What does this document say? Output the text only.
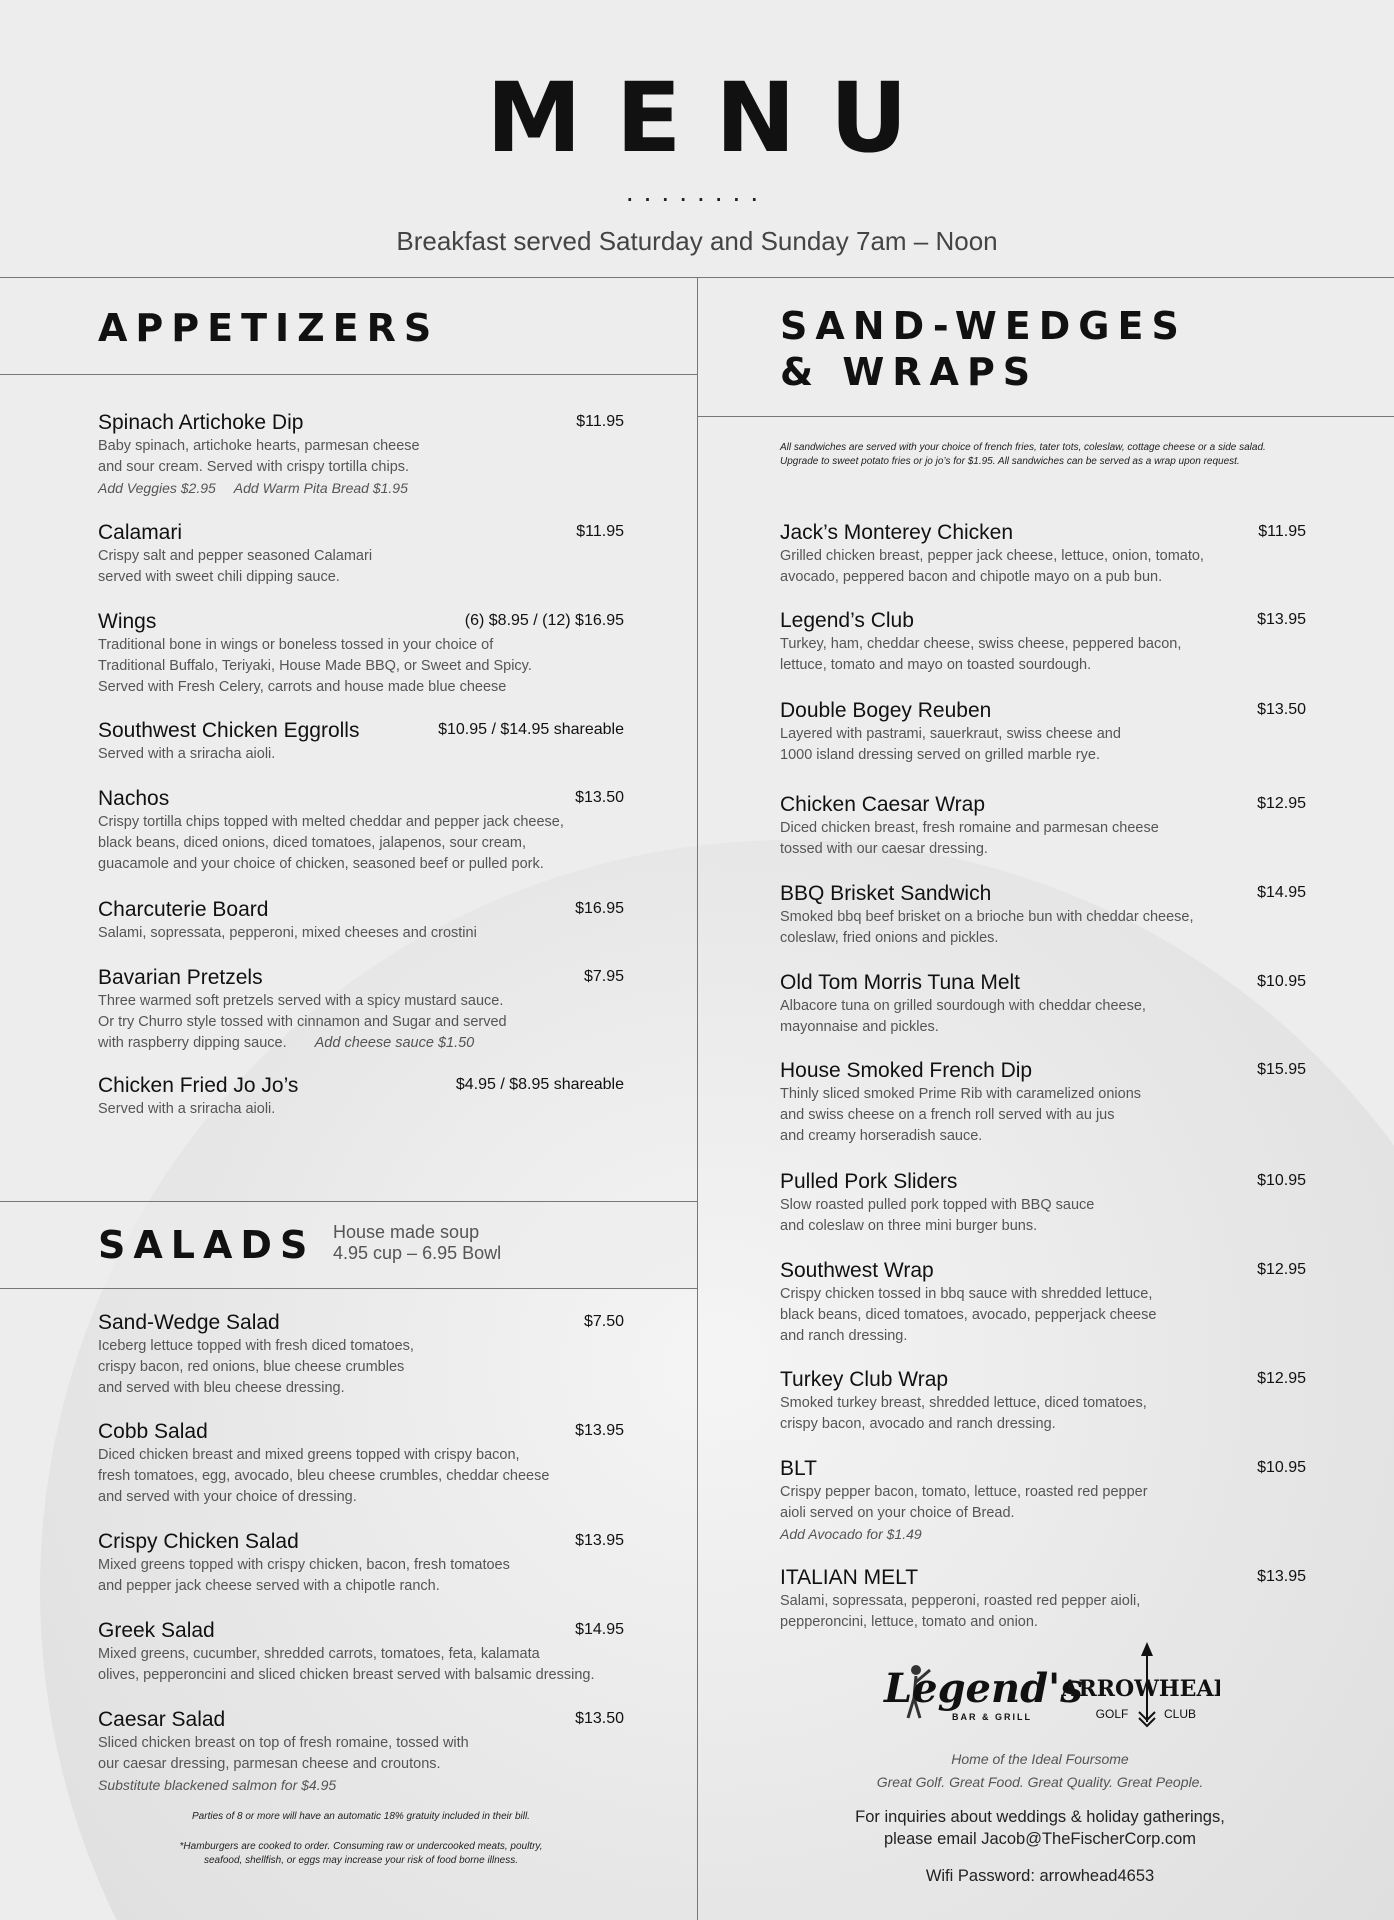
MENU
........
Breakfast served Saturday and Sunday 7am – Noon
APPETIZERS	SAND-WEDGES
& WRAPS
SALADS House made soup
4.95 cup – 6.95 Bowl
All sandwiches are served with your choice of french fries, tater tots, coleslaw, cottage cheese or a side salad.
Upgrade to sweet potato fries or jo jo’s for $1.95. All sandwiches can be served as a wrap upon request.
Spinach Artichoke Dip	$11.95
Baby spinach, artichoke hearts, parmesan cheese
and sour cream. Served with crispy tortilla chips.
Add Veggies $2.95 Add Warm Pita Bread $1.95
Calamari	$11.95
Crispy salt and pepper seasoned Calamari
served with sweet chili dipping sauce.
Wings	(6) $8.95 / (12) $16.95
Traditional bone in wings or boneless tossed in your choice of
Traditional Buffalo, Teriyaki, House Made BBQ, or Sweet and Spicy.
Served with Fresh Celery, carrots and house made blue cheese
Southwest Chicken Eggrolls	$10.95 / $14.95 shareable
Served with a sriracha aioli.
Nachos	$13.50
Crispy tortilla chips topped with melted cheddar and pepper jack cheese,
black beans, diced onions, diced tomatoes, jalapenos, sour cream,
guacamole and your choice of chicken, seasoned beef or pulled pork.
Charcuterie Board	$16.95
Salami, sopressata, pepperoni, mixed cheeses and crostini
Bavarian Pretzels	$7.95
Three warmed soft pretzels served with a spicy mustard sauce.
Or try Churro style tossed with cinnamon and Sugar and served
with raspberry dipping sauce. Add cheese sauce $1.50
Chicken Fried Jo Jo’s	$4.95 / $8.95 shareable
Served with a sriracha aioli.
Sand-Wedge Salad	$7.50
Iceberg lettuce topped with fresh diced tomatoes,
crispy bacon, red onions, blue cheese crumbles
and served with bleu cheese dressing.
Cobb Salad	$13.95
Diced chicken breast and mixed greens topped with crispy bacon,
fresh tomatoes, egg, avocado, bleu cheese crumbles, cheddar cheese
and served with your choice of dressing.
Crispy Chicken Salad	$13.95
Mixed greens topped with crispy chicken, bacon, fresh tomatoes
and pepper jack cheese served with a chipotle ranch.
Greek Salad	$14.95
Mixed greens, cucumber, shredded carrots, tomatoes, feta, kalamata
olives, pepperoncini and sliced chicken breast served with balsamic dressing.
Caesar Salad	$13.50
Sliced chicken breast on top of fresh romaine, tossed with
our caesar dressing, parmesan cheese and croutons.
Substitute blackened salmon for $4.95
Jack’s Monterey Chicken	$11.95
Grilled chicken breast, pepper jack cheese, lettuce, onion, tomato,
avocado, peppered bacon and chipotle mayo on a pub bun.
Legend’s Club	$13.95
Turkey, ham, cheddar cheese, swiss cheese, peppered bacon,
lettuce, tomato and mayo on toasted sourdough.
Double Bogey Reuben	$13.50
Layered with pastrami, sauerkraut, swiss cheese and
1000 island dressing served on grilled marble rye.
Chicken Caesar Wrap	$12.95
Diced chicken breast, fresh romaine and parmesan cheese
tossed with our caesar dressing.
BBQ Brisket Sandwich	$14.95
Smoked bbq beef brisket on a brioche bun with cheddar cheese,
coleslaw, fried onions and pickles.
Old Tom Morris Tuna Melt	$10.95
Albacore tuna on grilled sourdough with cheddar cheese,
mayonnaise and pickles.
House Smoked French Dip	$15.95
Thinly sliced smoked Prime Rib with caramelized onions
and swiss cheese on a french roll served with au jus
and creamy horseradish sauce.
Pulled Pork Sliders	$10.95
Slow roasted pulled pork topped with BBQ sauce
and coleslaw on three mini burger buns.
Southwest Wrap	$12.95
Crispy chicken tossed in bbq sauce with shredded lettuce,
black beans, diced tomatoes, avocado, pepperjack cheese
and ranch dressing.
Turkey Club Wrap	$12.95
Smoked turkey breast, shredded lettuce, diced tomatoes,
crispy bacon, avocado and ranch dressing.
BLT	$10.95
Crispy pepper bacon, tomato, lettuce, roasted red pepper
aioli served on your choice of Bread.
Add Avocado for $1.49
ITALIAN MELT	$13.95
Salami, sopressata, pepperoni, roasted red pepper aioli,
pepperoncini, lettuce, tomato and onion.
Parties of 8 or more will have an automatic 18% gratuity included in their bill.
*Hamburgers are cooked to order. Consuming raw or undercooked meats, poultry,
seafood, shellfish, or eggs may increase your risk of food borne illness.
Legend's
BAR & GRILL
ARROWHEAD
GOLF	CLUB
Home of the Ideal Foursome
Great Golf. Great Food. Great Quality. Great People.
For inquiries about weddings & holiday gatherings,
please email Jacob@TheFischerCorp.com
Wifi Password: arrowhead4653
